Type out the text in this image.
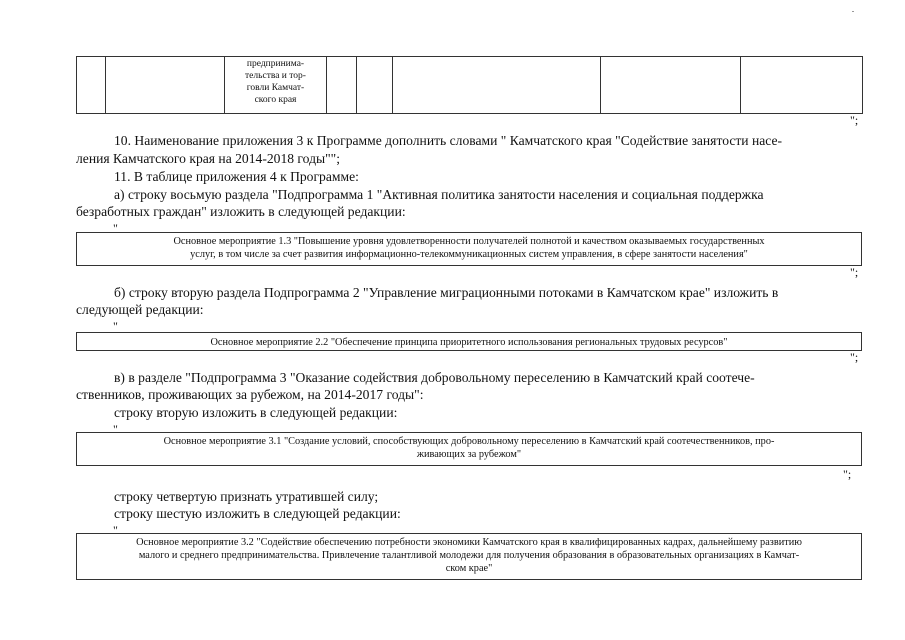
предпринима-
тельства и тор-
говли Камчат-
ского края

";
10. Наименование приложения 3 к Программе дополнить словами " Камчатского края "Содействие занятости насе-
ления Камчатского края на 2014-2018 годы"";
11. В таблице приложения 4 к Программе:
а) строку восьмую раздела "Подпрограмма 1 "Активная политика занятости населения и социальная поддержка
безработных граждан" изложить в следующей редакции:
"
Основное мероприятие 1.3 "Повышение уровня удовлетворенности получателей полнотой и качеством оказываемых государственных
услуг, в том числе за счет развития информационно-телекоммуникационных систем управления, в сфере занятости населения"
";
б) строку вторую раздела Подпрограмма 2 "Управление миграционными потоками в Камчатском крае" изложить в
следующей редакции:
"
Основное мероприятие 2.2 "Обеспечение принципа приоритетного использования региональных трудовых ресурсов"
";
в) в разделе "Подпрограмма 3 "Оказание содействия добровольному переселению в Камчатский край соотече-
ственников, проживающих за рубежом, на 2014-2017 годы":
строку вторую изложить в следующей редакции:
"
Основное мероприятие 3.1 "Создание условий, способствующих добровольному переселению в Камчатский край соотечественников, про-
живающих за рубежом"
";
строку четвертую признать утратившей силу;
строку шестую изложить в следующей редакции:
"
Основное мероприятие 3.2 "Содействие обеспечению потребности экономики Камчатского края в квалифицированных кадрах, дальнейшему развитию
малого и среднего предпринимательства. Привлечение талантливой молодежи для получения образования в образовательных организациях в Камчат-
ском крае"
